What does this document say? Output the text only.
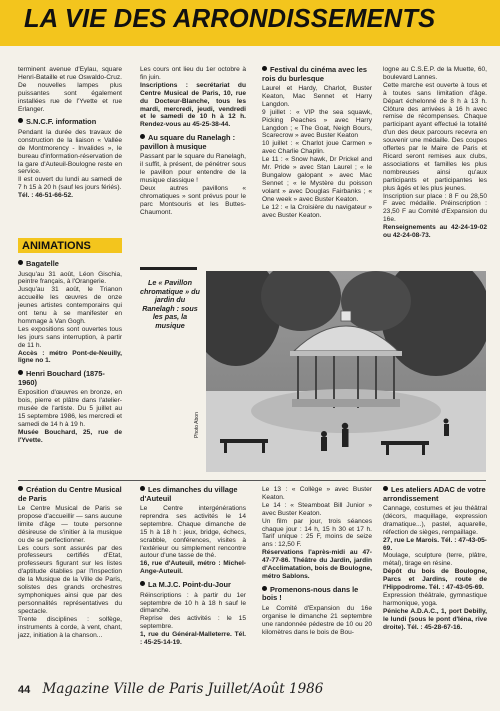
LA VIE DES ARRONDISSEMENTS

terminent avenue d'Eylau, square Henri-Bataille et rue Oswaldo-Cruz. De nouvelles lampes plus puissantes sont également installées rue de l'Yvette et rue Erlanger.

S.N.C.F. information

Pendant la durée des travaux de construction de la liaison « Vallée de Montmorency - Invalides », le bureau d'information-réservation de la gare d'Auteuil-Boulogne reste en service.

Il est ouvert du lundi au samedi de 7 h 15 à 20 h (sauf les jours fériés).

Tél. : 46-51-66-52.

ANIMATIONS

Les cours ont lieu du 1er octobre à fin juin.

Inscriptions : secrétariat du Centre Musical de Paris, 10, rue du Docteur-Blanche, tous les mardi, mercredi, jeudi, vendredi et le samedi de 10 h à 12 h. Rendez-vous au 45-25-38-44.

Au square du Ranelagh : pavillon à musique

Passant par le square du Ranelagh, il suffit, à présent, de pénétrer sous le pavillon pour entendre de la musique classique !

Deux autres pavillons « chromatiques » sont prévus pour le parc Montsouris et les Buttes-Chaumont.

Festival du cinéma avec les rois du burlesque

Laurel et Hardy, Charlot, Buster Keaton, Mac Sennet et Harry Langdon.

9 juillet : « VIP the sea squawk, Picking Peaches » avec Harry Langdon ; « The Goat, Neigh Bours, Scarecrow » avec Buster Keaton

10 juillet : « Charlot joue Carmen » avec Charlie Chaplin.

Le 11 : « Snow hawk, Dr Prickel and Mr. Pride » avec Stan Laurel ; « le Bungalow galopant » avec Mac Sennet ; « le Mystère du poisson volant » avec Douglas Fairbanks ; « One week » avec Buster Keaton.

Le 12 : « la Croisière du navigateur » avec Buster Keaton.

logne au C.S.E.P. de la Muette, 60, boulevard Lannes.

Cette marche est ouverte à tous et à toutes sans limitation d'âge. Départ échelonné de 8 h à 13 h. Clôture des arrivées à 16 h avec remise de récompenses. Chaque participant ayant effectué la totalité d'un des deux parcours recevra en souvenir une médaille. Des coupes offertes par le Maire de Paris et Ricard seront remises aux clubs, associations et familles les plus nombreuses ainsi qu'aux participants et participantes les plus âgés et les plus jeunes.

Inscription sur place : 8 F ou 28,50 F avec médaille. Préinscription : 23,50 F au Comité d'Expansion du 16e.

Renseignements au 42-24-19-02 ou 42-24-08-73.

Bagatelle

Jusqu'au 31 août, Léon Gischia, peintre français, à l'Orangerie.

Jusqu'au 31 août, le Trianon accueille les œuvres de onze jeunes artistes contemporains qui ont tenu à se manifester en hommage à Van Gogh.

Les expositions sont ouvertes tous les jours sans interruption, à partir de 11 h.

Accès : métro Pont-de-Neuilly, ligne no 1.

Henri Bouchard (1875-1960)

Exposition d'œuvres en bronze, en bois, pierre et plâtre dans l'atelier-musée de l'artiste. Du 5 juillet au 15 septembre 1986, les mercredi et samedi de 14 h à 19 h.

Musée Bouchard, 25, rue de l'Yvette.

Le « Pavillon chromatique » du jardin du Ranelagh : sous les pas, la musique
Photo Abon
Création du Centre Musical de Paris

Le Centre Musical de Paris se propose d'accueillir — sans aucune limite d'âge — toute personne désireuse de s'initier à la musique ou de se perfectionner.

Les cours sont assurés par des professeurs certifiés d'Etat, professeurs figurant sur les listes d'aptitude établies par l'Inspection de la Musique de la Ville de Paris, solistes des grands orchestres symphoniques ainsi que par des personnalités représentatives du spectacle.

Trente disciplines : solfège, instruments à corde, à vent, chant, jazz, initiation à la chanson...

Les dimanches du village d'Auteuil

Le Centre intergénérations reprendra ses activités le 14 septembre. Chaque dimanche de 15 h à 18 h : jeux, bridge, échecs, scrabble, conférences, visites à l'extérieur ou simplement rencontre autour d'une tasse de thé.

16, rue d'Auteuil, métro : Michel-Ange-Auteuil.

La M.J.C. Point-du-Jour

Réinscriptions : à partir du 1er septembre de 10 h à 18 h sauf le dimanche.

Reprise des activités : le 15 septembre.

1, rue du Général-Malleterre. Tél. : 45-25-14-19.

Le 13 : « Collège » avec Buster Keaton.

Le 14 : « Steamboat Bill Junior » avec Buster Keaton.

Un film par jour, trois séances chaque jour : 14 h, 15 h 30 et 17 h. Tarif unique : 25 F, moins de seize ans : 12,50 F.

Réservations l'après-midi au 47-47-77-86. Théâtre du Jardin, jardin d'Acclimatation, bois de Boulogne, métro Sablons.

Promenons-nous dans le bois !

Le Comité d'Expansion du 16e organise le dimanche 21 septembre une randonnée pédestre de 10 ou 20 kilomètres dans le bois de Bou-

Les ateliers ADAC de votre arrondissement

Cannage, costumes et jeu théâtral (décors, maquillage, expression dramatique...), pastel, aquarelle, réfection de sièges, rempaillage.

27, rue Le Marois. Tél. : 47-43-05-69.

Moulage, sculpture (terre, plâtre, métal), tirage en résine.

Dépôt du bois de Boulogne, Parcs et Jardins, route de l'Hippodrome. Tél. : 47-43-05-69.

Expression théâtrale, gymnastique harmonique, yoga.

Péniche A.D.A.C., 1, port Debilly, le lundi (sous le pont d'Iéna, rive droite). Tél. : 45-28-67-16.

44 Magazine Ville de Paris Juillet/Août 1986
